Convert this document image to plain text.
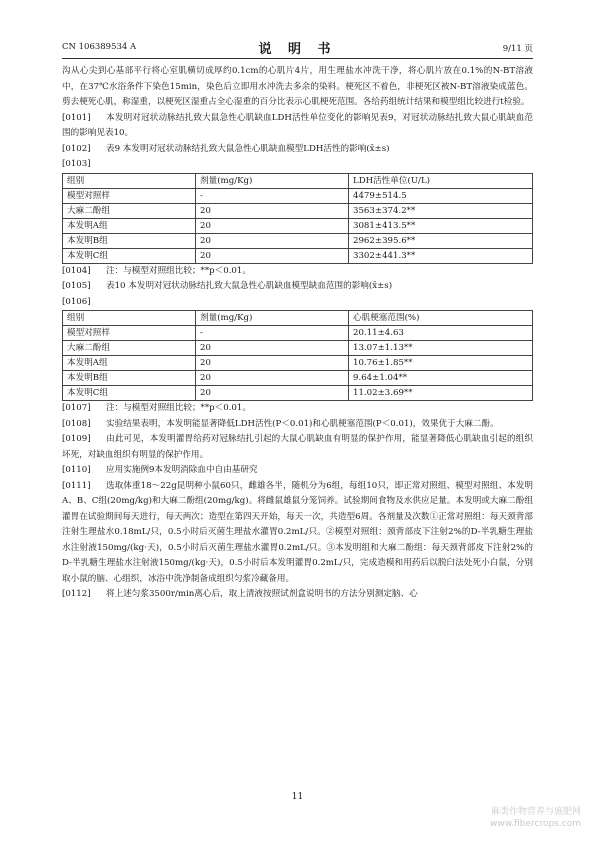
CN 106389534 A	说 明 书	9/11 页

沟从心尖到心基部平行将心室肌横切成厚约0.1cm的心肌片4片，用生理盐水冲洗干净，将心肌片放在0.1%的N-BT溶液中，在37℃水浴条件下染色15min，染色后立即用水冲洗去多余的染料。梗死区不着色，非梗死区被N-BT溶液染成蓝色。剪去梗死心肌，称湿重，以梗死区湿重占全心湿重的百分比表示心肌梗死范围。各给药组统计结果和模型组比较进行t检验。

[0101] 本发明对冠状动脉结扎致大鼠急性心肌缺血LDH活性单位变化的影响见表9，对冠状动脉结扎致大鼠心肌缺血范围的影响见表10。

[0102] 表9 本发明对冠状动脉结扎致大鼠急性心肌缺血模型LDH活性的影响(x̄±s)

[0103]

组别	剂量(mg/Kg)	LDH活性单位(U/L)
模型对照样	-	4479±514.5
大麻二酚组	20	3563±374.2**
本发明A组	20	3081±413.5**
本发明B组	20	2962±395.6**
本发明C组	20	3302±441.3**

[0104] 注：与模型对照组比较；**p＜0.01。

[0105] 表10 本发明对冠状动脉结扎致大鼠急性心肌缺血模型缺血范围的影响(x̄±s)

[0106]

组别	剂量(mg/Kg)	心肌梗塞范围(%)
模型对照样	-	20.11±4.63
大麻二酚组	20	13.07±1.13**
本发明A组	20	10.76±1.85**
本发明B组	20	9.64±1.04**
本发明C组	20	11.02±3.69**

[0107] 注：与模型对照组比较；**p＜0.01。

[0108] 实验结果表明，本发明能显著降低LDH活性(P＜0.01)和心肌梗塞范围(P＜0.01)，效果优于大麻二酚。

[0109] 由此可见，本发明灌胃给药对冠脉结扎引起的大鼠心肌缺血有明显的保护作用，能显著降低心肌缺血引起的组织坏死，对缺血组织有明显的保护作用。

[0110] 应用实施例9本发明消除血中自由基研究

[0111] 选取体重18～22g昆明种小鼠60只，雌雄各半，随机分为6组，每组10只，即正常对照组、模型对照组、本发明A、B、C组(20mg/kg)和大麻二酚组(20mg/kg)。将雌鼠雄鼠分笼饲养。试验期间食物及水供应足量。本发明或大麻二酚组灌胃在试验期间每天进行，每天两次；造型在第四天开始，每天一次，共造型6周。各剂量及次数①正常对照组：每天颈背部注射生理盐水0.18mL/只，0.5小时后灭菌生理盐水灌胃0.2mL/只。②模型对照组：颈背部皮下注射2%的D-半乳糖生理盐水注射液150mg/(kg·天)，0.5小时后灭菌生理盐水灌胃0.2mL/只。③本发明组和大麻二酚组：每天颈背部皮下注射2%的D-半乳糖生理盐水注射液150mg/(kg·天)，0.5小时后本发明灌胃0.2mL/只，完成造模和用药后以脱臼法处死小白鼠，分别取小鼠的脑、心组织，冰浴中洗净制备成组织匀浆冷藏备用。

[0112] 将上述匀浆3500r/min离心后，取上清液按照试剂盒说明书的方法分别测定脑、心

11
麻类作物营养与施肥网
www.fibercrops.com
